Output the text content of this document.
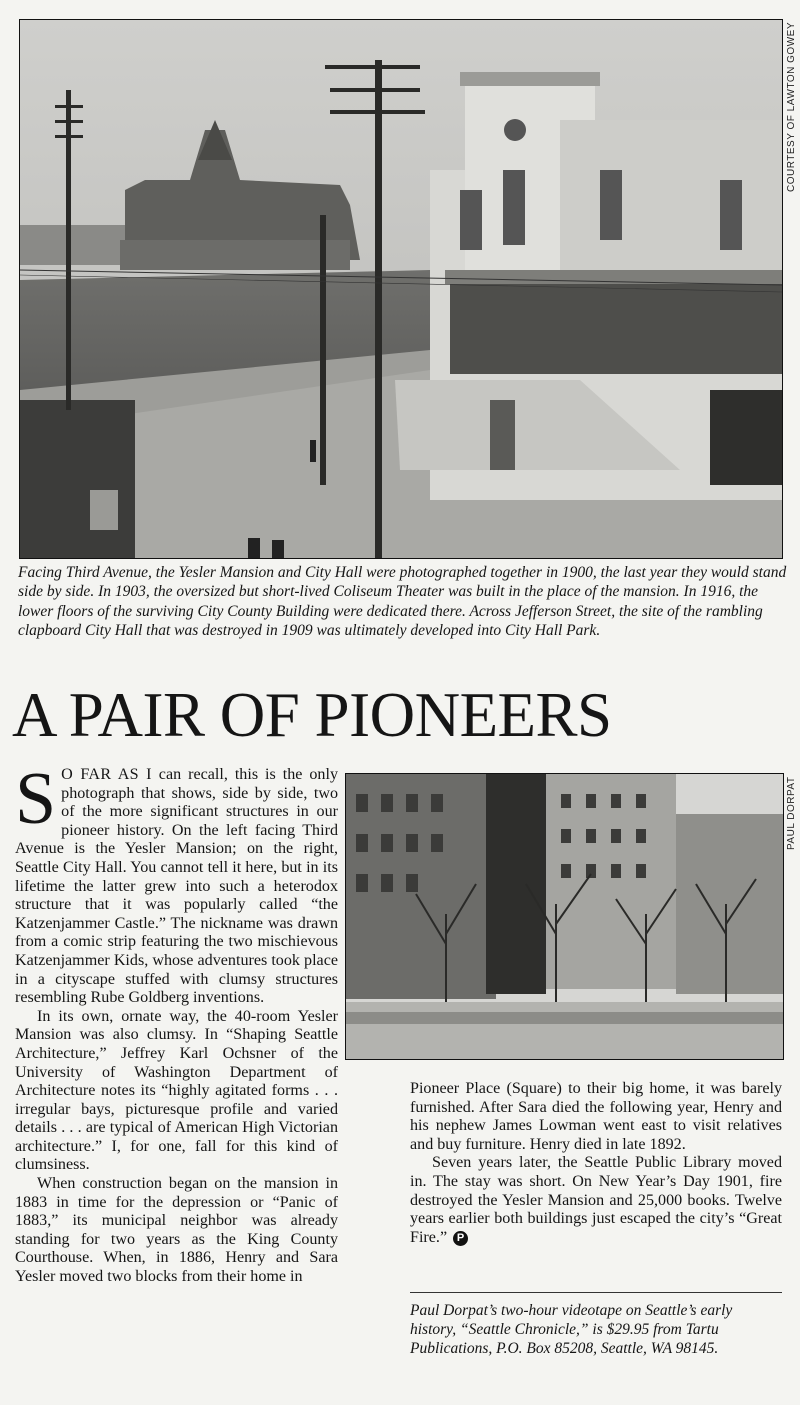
COURTESY OF LAWTON GOWEY
Facing Third Avenue, the Yesler Mansion and City Hall were photographed together in 1900, the last year they would stand side by side. In 1903, the oversized but short-lived Coliseum Theater was built in the place of the mansion. In 1916, the lower floors of the surviving City County Building were dedicated there. Across Jefferson Street, the site of the rambling clapboard City Hall that was destroyed in 1909 was ultimately developed into City Hall Park.
A PAIR OF PIONEERS
PAUL DORPAT

S O FAR AS I can recall, this is the only photograph that shows, side by side, two of the more significant structures in our pioneer history. On the left facing Third Avenue is the Yesler Mansion; on the right, Seattle City Hall. You cannot tell it here, but in its lifetime the latter grew into such a heterodox structure that it was popularly called “the Katzenjammer Castle.” The nickname was drawn from a comic strip featuring the two mischievous Katzenjammer Kids, whose adventures took place in a cityscape stuffed with clumsy structures resembling Rube Goldberg inventions.

In its own, ornate way, the 40-room Yesler Mansion was also clumsy. In “Shaping Seattle Architecture,” Jeffrey Karl Ochsner of the University of Washington Department of Architecture notes its “highly agitated forms . . . irregular bays, picturesque profile and varied details . . . are typical of American High Victorian architecture.” I, for one, fall for this kind of clumsiness.

When construction began on the mansion in 1883 in time for the depression or “Panic of 1883,” its municipal neighbor was already standing for two years as the King County Courthouse. When, in 1886, Henry and Sara Yesler moved two blocks from their home in

Pioneer Place (Square) to their big home, it was barely furnished. After Sara died the following year, Henry and his nephew James Lowman went east to visit relatives and buy furniture. Henry died in late 1892.

Seven years later, the Seattle Public Library moved in. The stay was short. On New Year’s Day 1901, fire destroyed the Yesler Mansion and 25,000 books. Twelve years earlier both buildings just escaped the city’s “Great Fire.” P

Paul Dorpat’s two-hour videotape on Seattle’s early history, “Seattle Chronicle,” is $29.95 from Tartu Publications, P.O. Box 85208, Seattle, WA 98145.
